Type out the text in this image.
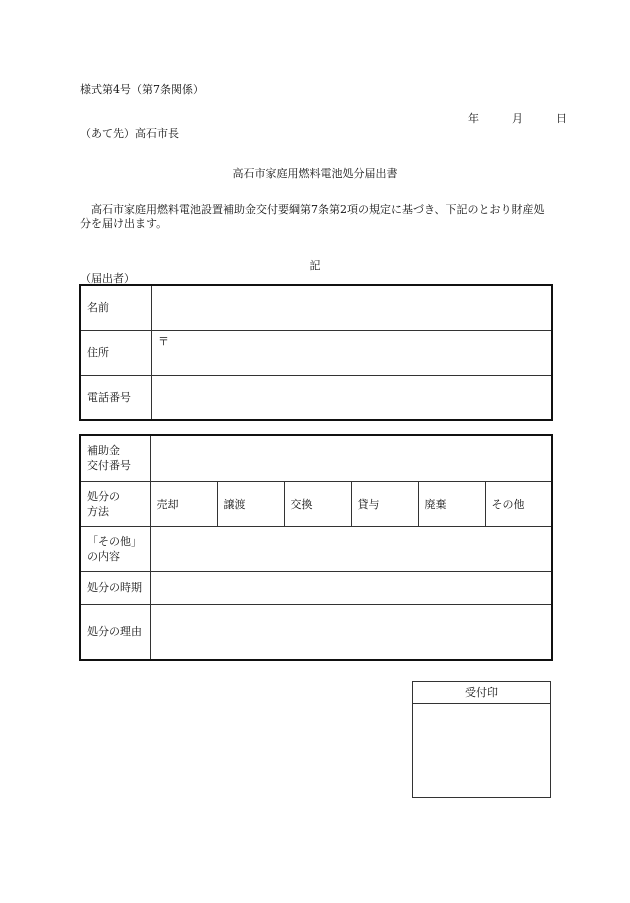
様式第4号（第7条関係）
年	月	日
（あて先）高石市長
高石市家庭用燃料電池処分届出書
高石市家庭用燃料電池設置補助金交付要綱第7条第2項の規定に基づき、下記のとおり財産処分を届け出ます。
記
（届出者）
名前	
住所	〒

電話番号	
補助金
交付番号						
処分の
方法	売却	譲渡	交換	貸与	廃棄	その他
「その他」
の内容						
処分の時期						
処分の理由						
受付印
